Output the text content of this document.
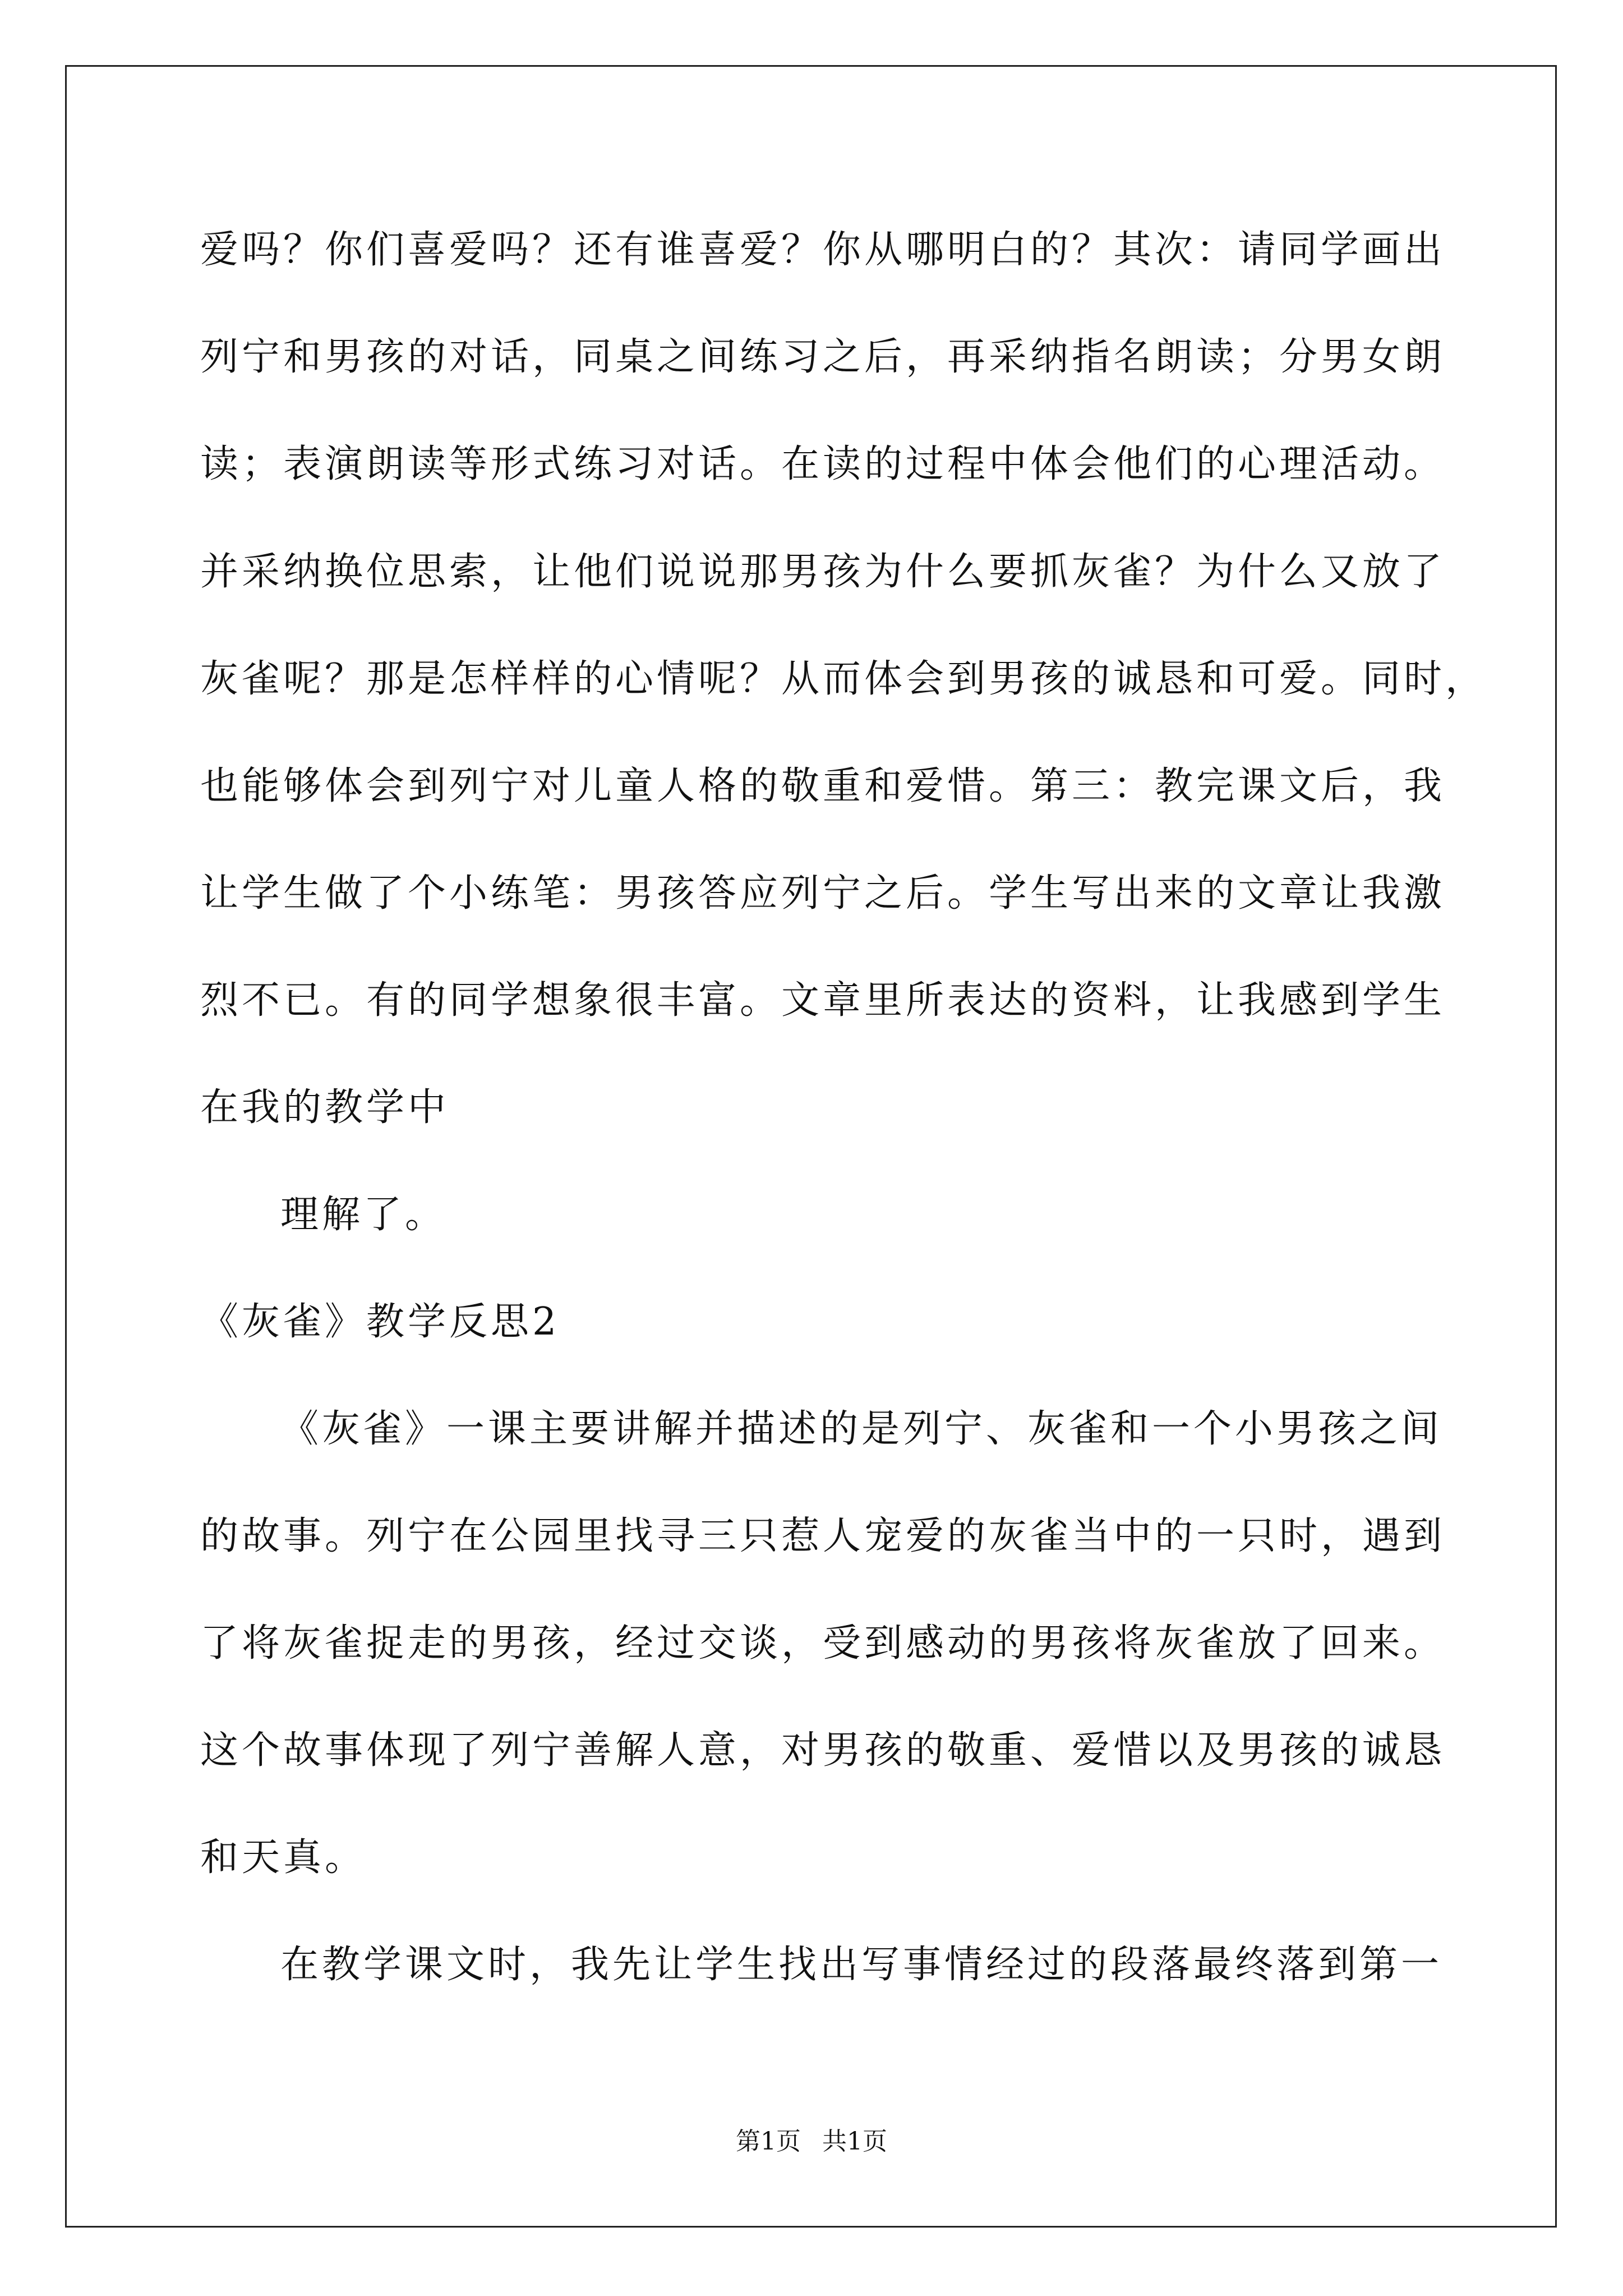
爱吗？你们喜爱吗？还有谁喜爱？你从哪明白的？其次：请同学画出
列宁和男孩的对话，同桌之间练习之后，再采纳指名朗读；分男女朗
读；表演朗读等形式练习对话。在读的过程中体会他们的心理活动。
并采纳换位思索，让他们说说那男孩为什么要抓灰雀？为什么又放了
灰雀呢？那是怎样样的心情呢？从而体会到男孩的诚恳和可爱。同时，
也能够体会到列宁对儿童人格的敬重和爱惜。第三：教完课文后，我
让学生做了个小练笔：男孩答应列宁之后。学生写出来的文章让我激
烈不已。有的同学想象很丰富。文章里所表达的资料，让我感到学生
在我的教学中
理解了。
《灰雀》教学反思2
《灰雀》一课主要讲解并描述的是列宁、灰雀和一个小男孩之间
的故事。列宁在公园里找寻三只惹人宠爱的灰雀当中的一只时，遇到
了将灰雀捉走的男孩，经过交谈，受到感动的男孩将灰雀放了回来。
这个故事体现了列宁善解人意，对男孩的敬重、爱惜以及男孩的诚恳
和天真。
在教学课文时，我先让学生找出写事情经过的段落最终落到第一
第1页 共1页
